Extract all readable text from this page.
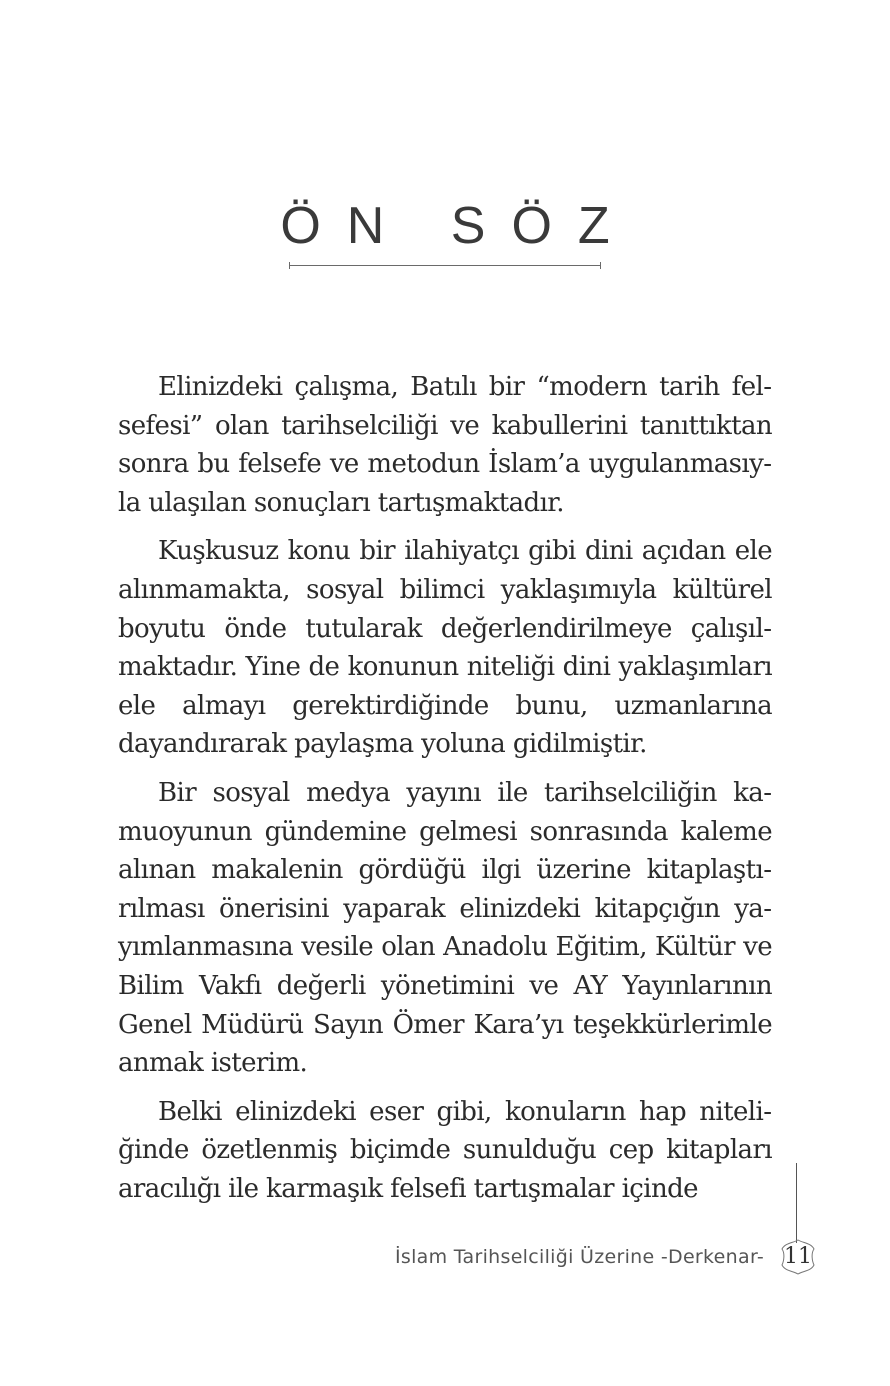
ÖN SÖZ

Elinizdeki çalışma, Batılı bir “modern tarih felsefesi” olan tarihselciliği ve kabullerini tanıttıktan sonra bu felsefe ve metodun İslam’a uygulanmasıyla ulaşılan sonuçları tartışmaktadır.

Kuşkusuz konu bir ilahiyatçı gibi dini açıdan ele alınmamakta, sosyal bilimci yaklaşımıyla kültürel boyutu önde tutularak değerlendirilmeye çalışılmaktadır. Yine de konunun niteliği dini yaklaşımları ele almayı gerektirdiğinde bunu, uzmanlarına dayandırarak paylaşma yoluna gidilmiştir.

Bir sosyal medya yayını ile tarihselciliğin kamuoyunun gündemine gelmesi sonrasında kaleme alınan makalenin gördüğü ilgi üzerine kitaplaştırılması önerisini yaparak elinizdeki kitapçığın yayımlanmasına vesile olan Anadolu Eğitim, Kültür ve Bilim Vakfı değerli yönetimini ve AY Yayınlarının Genel Müdürü Sayın Ömer Kara’yı teşekkürlerimle anmak isterim.

Belki elinizdeki eser gibi, konuların hap niteliğinde özetlenmiş biçimde sunulduğu cep kitapları aracılığı ile karmaşık felsefi tartışmalar içinde

İslam Tarihselciliği Üzerine -Derkenar- 11
